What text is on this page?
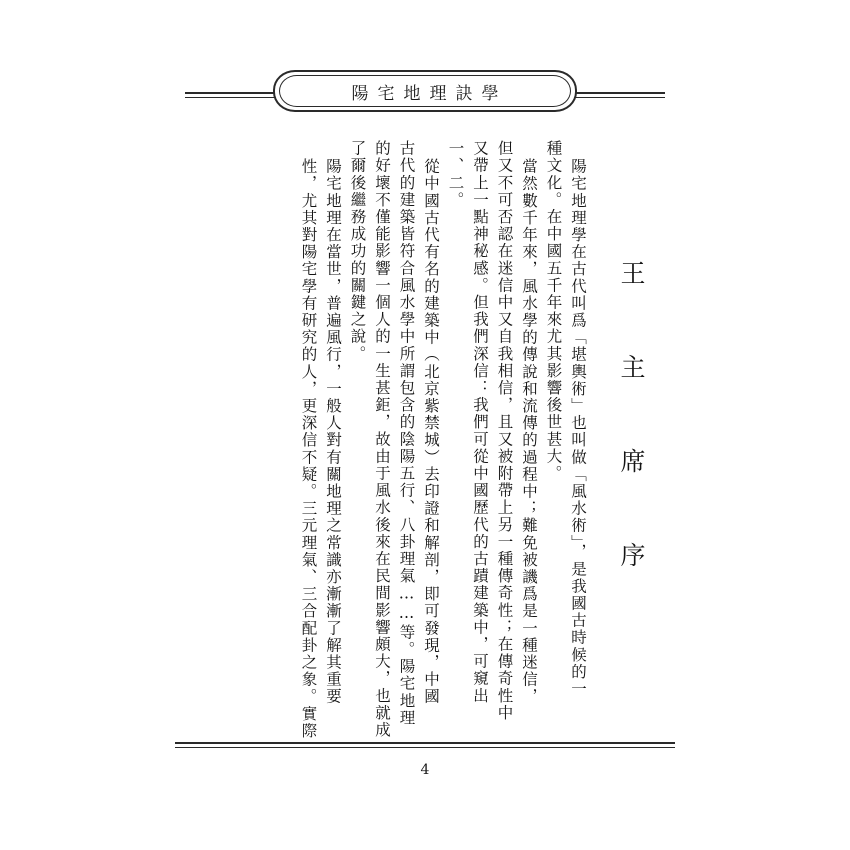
陽宅地理訣學
性，尤其對陽宅學有研究的人，更深信不疑。三元理氣、三合配卦之象。實際 陽宅地理在當世，普遍風行，一般人對有關地理之常識亦漸漸了解其重要 了爾後繼務成功的關鍵之說。 的好壞不僅能影響一個人的一生甚鉅，故由于風水後來在民間影響頗大，也就成 古代的建築皆符合風水學中所謂包含的陰陽五行、八卦理氣……等。陽宅地理 從中國古代有名的建築中（北京紫禁城）去印證和解剖，即可發現，中國 一、二。 又帶上一點神秘感。但我們深信：我們可從中國歷代的古蹟建築中，可窺出 但又不可否認在迷信中又自我相信，且又被附帶上另一種傳奇性；在傳奇性中 當然數千年來，風水學的傳說和流傳的過程中；難免被譏爲是一種迷信， 種文化。在中國五千年來尤其影響後世甚大。 陽宅地理學在古代叫爲「堪輿術」也叫做「風水術」，是我國古時候的一 王 主 席 序
4
